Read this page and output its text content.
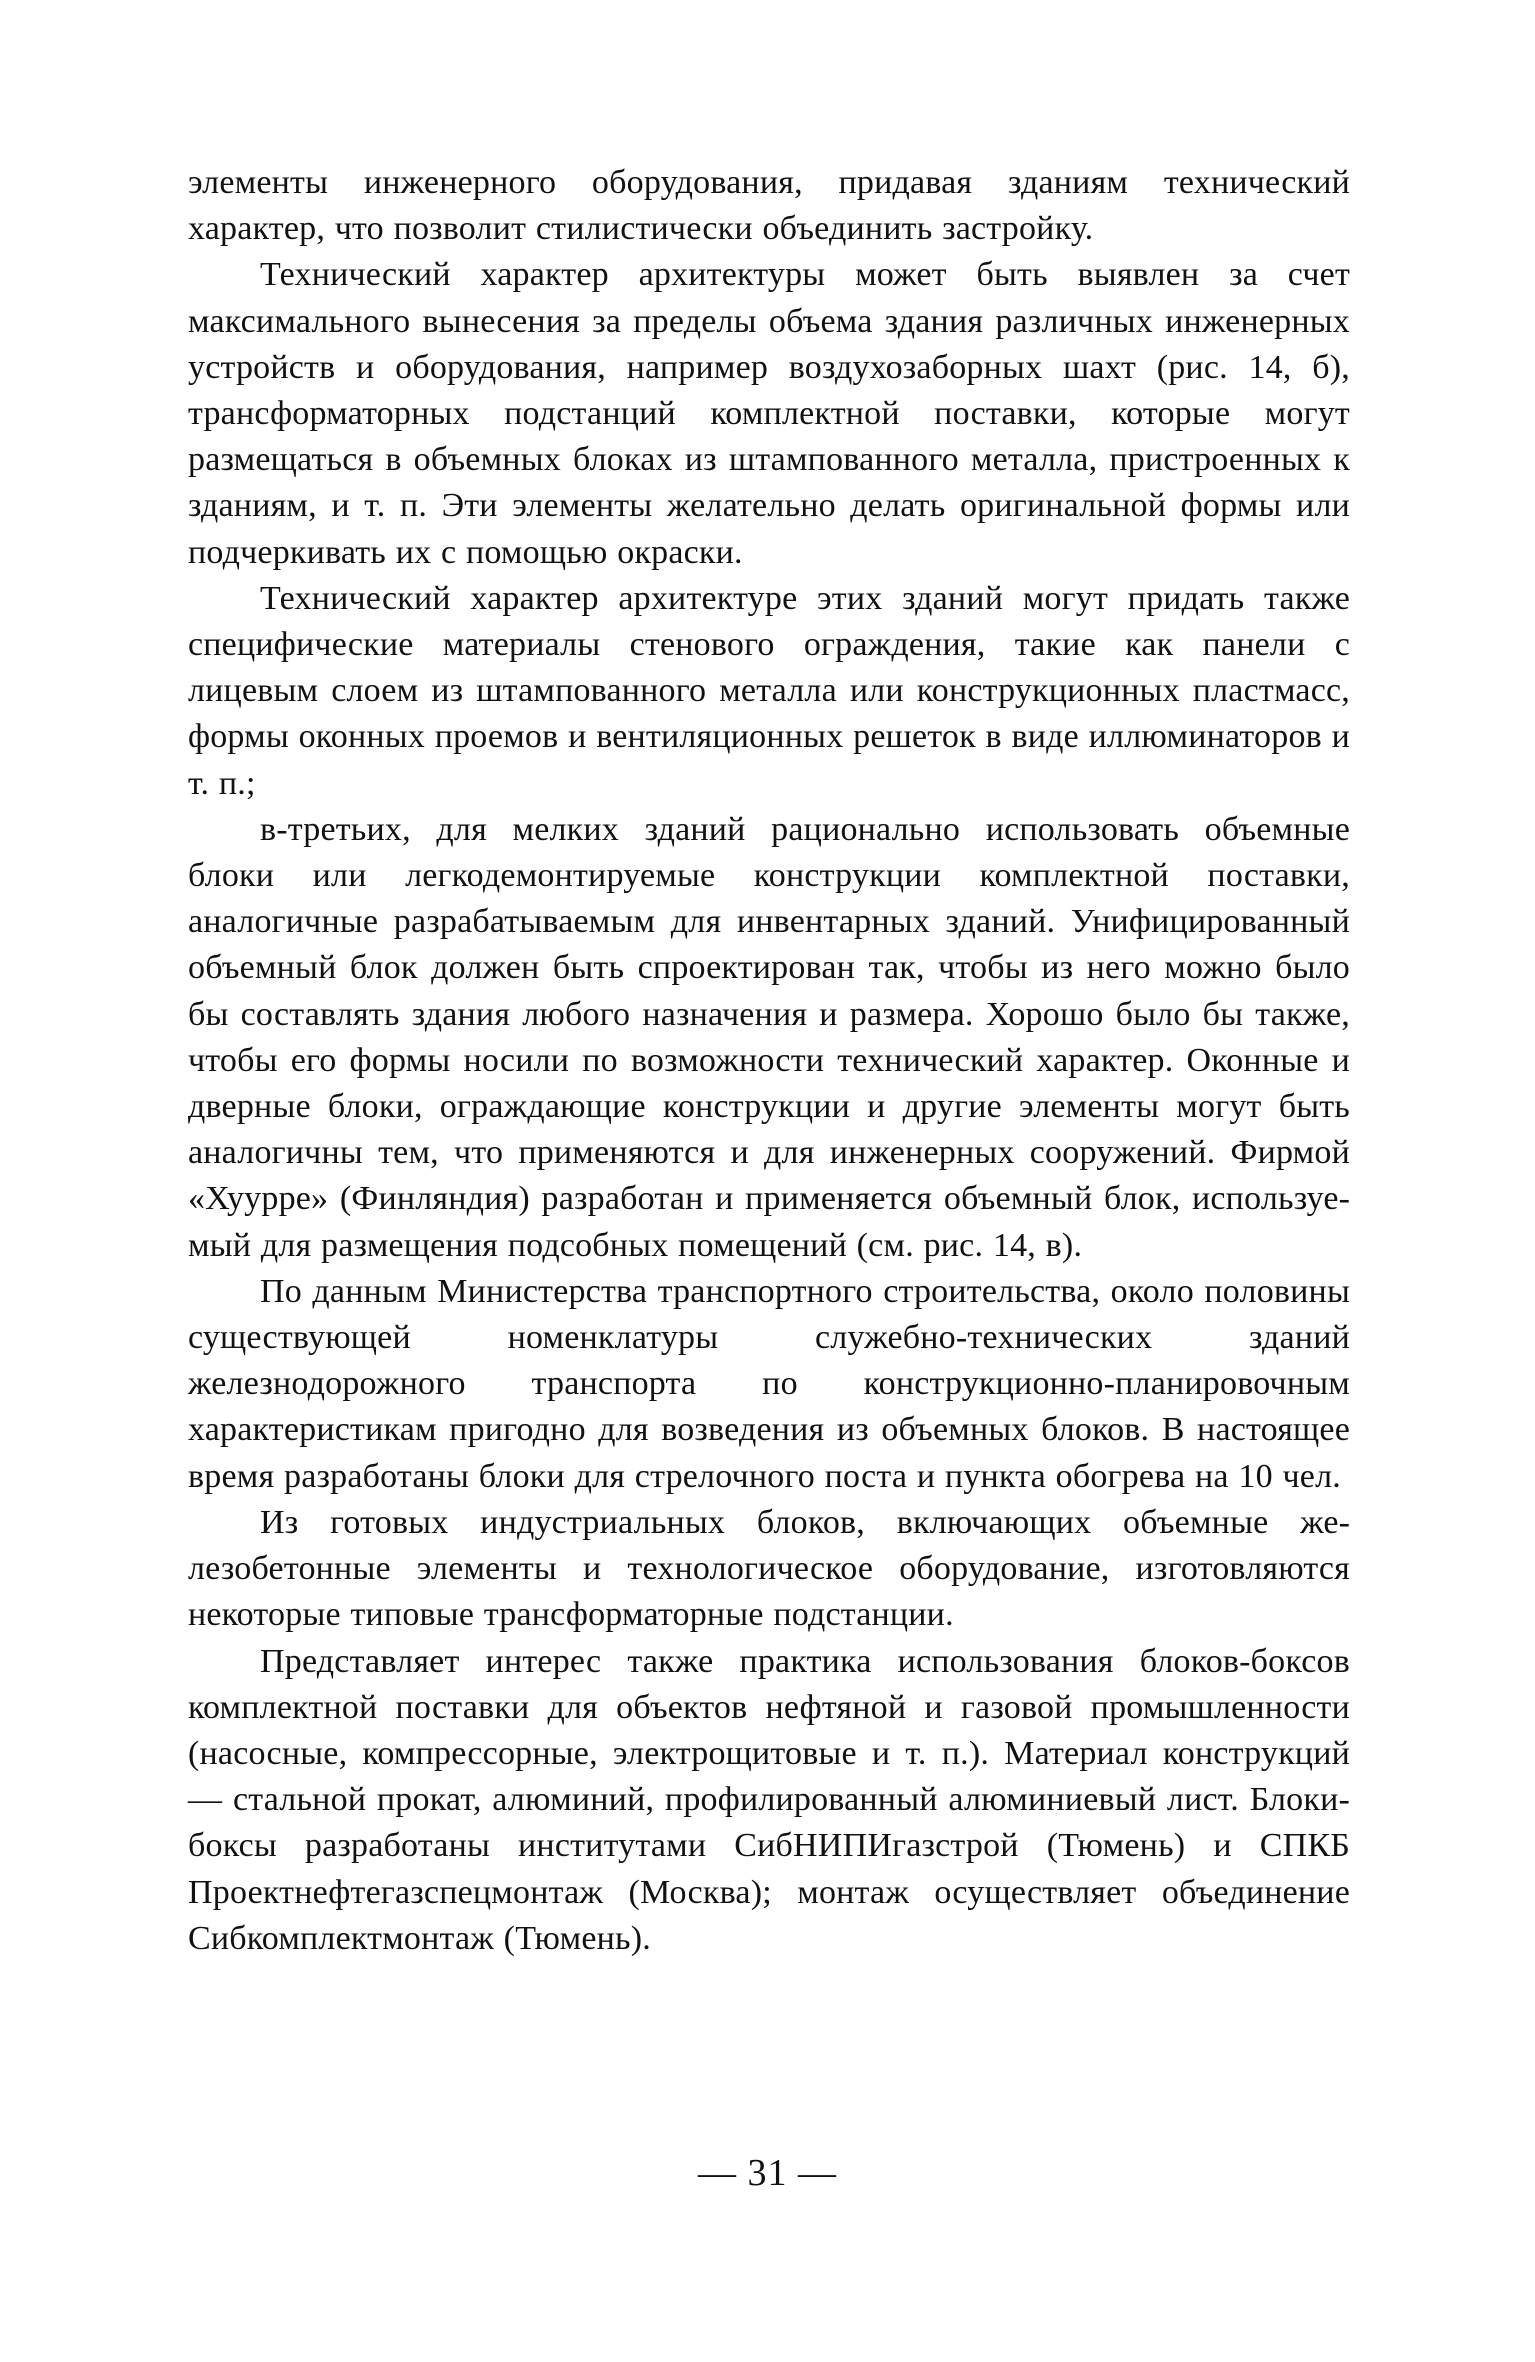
элементы инженерного оборудования, придавая зданиям технический характер, что позволит стилистически объединить застройку.

Технический характер архитектуры может быть выявлен за счет максимального вынесения за пределы объема здания различных инженерных устройств и оборудования, например воздухозаборных шахт (рис. 14, б), трансформаторных подстанций комплектной поставки, которые могут размещаться в объемных блоках из штампованного металла, пристроенных к зданиям, и т. п. Эти элементы желательно делать оригинальной формы или подчеркивать их с помощью окраски.

Технический характер архитектуре этих зданий могут придать также специфические материалы стенового ограждения, такие как панели с лицевым слоем из штампованного металла или конструкционных пластмасс, формы оконных проемов и вентиляционных решеток в виде иллюминаторов и т. п.;

в-третьих, для мелких зданий рационально использовать объемные блоки или легкодемонтируемые конструкции комплектной поставки, аналогичные разрабатываемым для инвентарных зданий. Унифицированный объемный блок должен быть спроектирован так, чтобы из него можно было бы составлять здания любого назначения и размера. Хорошо было бы также, чтобы его формы носили по возможности технический характер. Оконные и дверные блоки, ограждающие конструкции и другие элементы могут быть аналогичны тем, что применяются и для инженерных сооружений. Фирмой «Хуурре» (Финляндия) разработан и применяется объемный блок, используемый для размещения подсобных помещений (см. рис. 14, в).

По данным Министерства транспортного строительства, около половины существующей номенклатуры служебно-технических зданий железнодорожного транспорта по конструкционно-планировочным характеристикам пригодно для возведения из объемных блоков. В настоящее время разработаны блоки для стрелочного поста и пункта обогрева на 10 чел.

Из готовых индустриальных блоков, включающих объемные железобетонные элементы и технологическое оборудование, изготовляются некоторые типовые трансформаторные подстанции.

Представляет интерес также практика использования блоков-боксов комплектной поставки для объектов нефтяной и газовой промышленности (насосные, компрессорные, электрощитовые и т. п.). Материал конструкций — стальной прокат, алюминий, профилированный алюминиевый лист. Блоки-боксы разработаны институтами СибНИПИгазстрой (Тюмень) и СПКБ Проектнефтегазспецмонтаж (Москва); монтаж осуществляет объединение Сибкомплектмонтаж (Тюмень).

— 31 —
